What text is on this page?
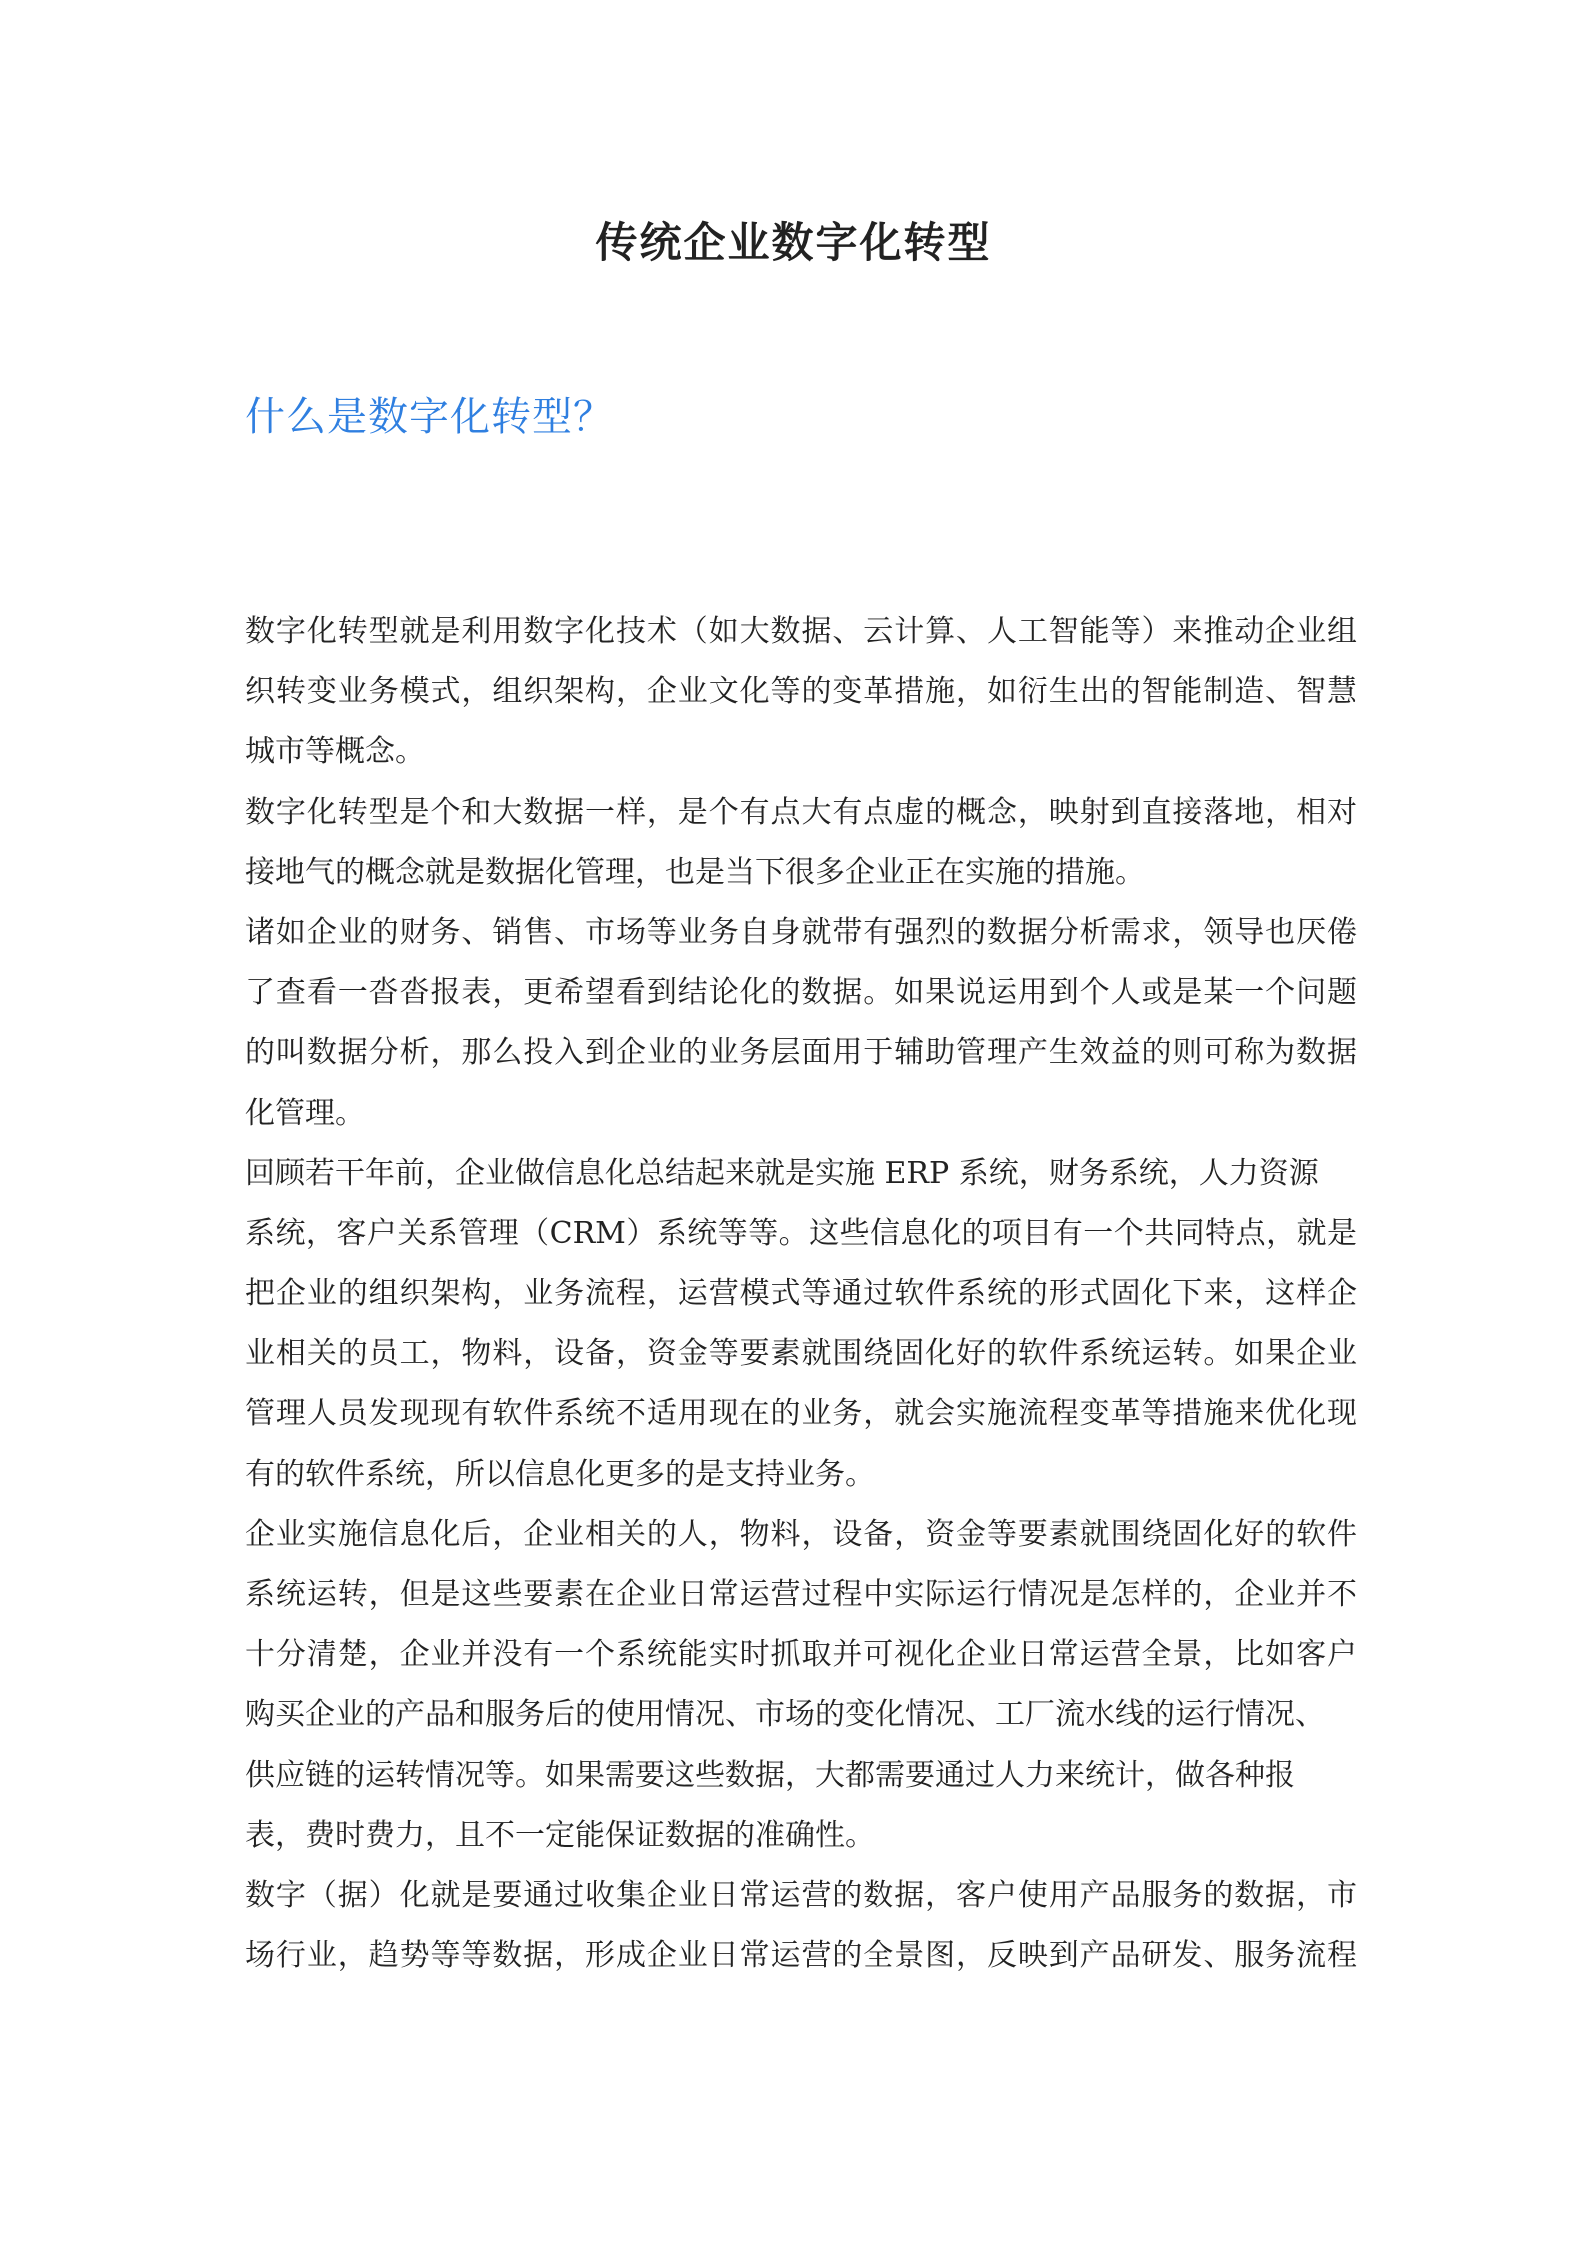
传统企业数字化转型
什么是数字化转型？
数字化转型就是利用数字化技术（如大数据、云计算、人工智能等）来推动企业组
织转变业务模式，组织架构，企业文化等的变革措施，如衍生出的智能制造、智慧
城市等概念。
数字化转型是个和大数据一样，是个有点大有点虚的概念，映射到直接落地，相对
接地气的概念就是数据化管理，也是当下很多企业正在实施的措施。
诸如企业的财务、销售、市场等业务自身就带有强烈的数据分析需求，领导也厌倦
了查看一沓沓报表，更希望看到结论化的数据。如果说运用到个人或是某一个问题
的叫数据分析，那么投入到企业的业务层面用于辅助管理产生效益的则可称为数据
化管理。
回顾若干年前，企业做信息化总结起来就是实施 ERP 系统，财务系统，人力资源
系统，客户关系管理（CRM）系统等等。这些信息化的项目有一个共同特点，就是
把企业的组织架构，业务流程，运营模式等通过软件系统的形式固化下来，这样企
业相关的员工，物料，设备，资金等要素就围绕固化好的软件系统运转。如果企业
管理人员发现现有软件系统不适用现在的业务，就会实施流程变革等措施来优化现
有的软件系统，所以信息化更多的是支持业务。
企业实施信息化后，企业相关的人，物料，设备，资金等要素就围绕固化好的软件
系统运转，但是这些要素在企业日常运营过程中实际运行情况是怎样的，企业并不
十分清楚，企业并没有一个系统能实时抓取并可视化企业日常运营全景，比如客户
购买企业的产品和服务后的使用情况、市场的变化情况、工厂流水线的运行情况、
供应链的运转情况等。如果需要这些数据，大都需要通过人力来统计，做各种报
表，费时费力，且不一定能保证数据的准确性。
数字（据）化就是要通过收集企业日常运营的数据，客户使用产品服务的数据，市
场行业，趋势等等数据，形成企业日常运营的全景图，反映到产品研发、服务流程
